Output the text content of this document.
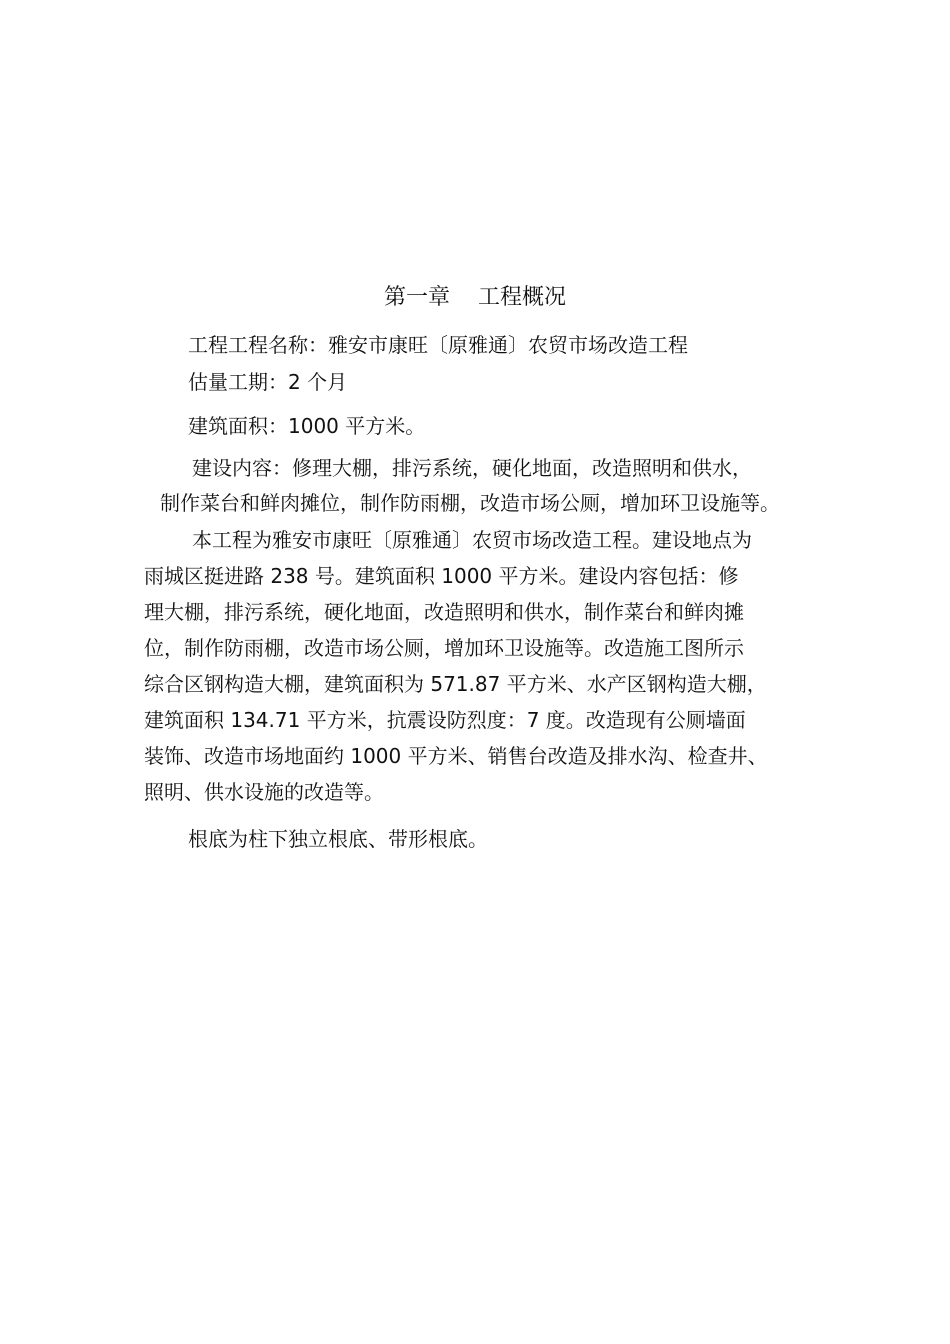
第一章    工程概况
工程工程名称：雅安市康旺〔原雅通〕农贸市场改造工程
估量工期：2 个月
建筑面积：1000 平方米。
建设内容：修理大棚，排污系统，硬化地面，改造照明和供水，
制作菜台和鲜肉摊位，制作防雨棚，改造市场公厕，增加环卫设施等。
本工程为雅安市康旺〔原雅通〕农贸市场改造工程。建设地点为
雨城区挺进路 238 号。建筑面积 1000 平方米。建设内容包括：修
理大棚，排污系统，硬化地面，改造照明和供水，制作菜台和鲜肉摊
位，制作防雨棚，改造市场公厕，增加环卫设施等。改造施工图所示
综合区钢构造大棚，建筑面积为 571.87 平方米、水产区钢构造大棚，
建筑面积 134.71 平方米，抗震设防烈度：7 度。改造现有公厕墙面
装饰、改造市场地面约 1000 平方米、销售台改造及排水沟、检查井、
照明、供水设施的改造等。
根底为柱下独立根底、带形根底。
